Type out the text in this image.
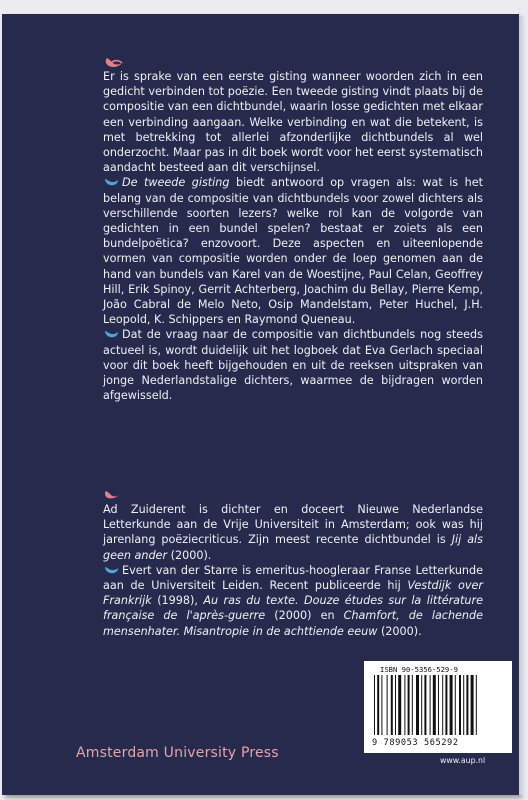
Er is sprake van een eerste gisting wanneer woorden zich in een gedicht verbinden tot poëzie. Een tweede gisting vindt plaats bij de compositie van een dichtbundel, waarin losse gedichten met elkaar een verbinding aangaan. Welke verbinding en wat die betekent, is met betrekking tot allerlei afzonderlijke dichtbundels al wel onderzocht. Maar pas in dit boek wordt voor het eerst systematisch aandacht besteed aan dit verschijnsel.

De tweede gisting biedt antwoord op vragen als: wat is het belang van de compositie van dichtbundels voor zowel dichters als verschillende soorten lezers? welke rol kan de volgorde van gedichten in een bundel spelen? bestaat er zoiets als een bundelpoëtica? enzovoort. Deze aspecten en uiteenlopende vormen van compositie worden onder de loep genomen aan de hand van bundels van Karel van de Woestijne, Paul Celan, Geoffrey Hill, Erik Spinoy, Gerrit Achterberg, Joachim du Bellay, Pierre Kemp, João Cabral de Melo Neto, Osip Mandelstam, Peter Huchel, J.H. Leopold, K. Schippers en Raymond Queneau.

Dat de vraag naar de compositie van dichtbundels nog steeds actueel is, wordt duidelijk uit het logboek dat Eva Gerlach speciaal voor dit boek heeft bijgehouden en uit de reeksen uitspraken van jonge Nederlandstalige dichters, waarmee de bijdragen worden afgewisseld.

Ad Zuiderent is dichter en doceert Nieuwe Nederlandse Letterkunde aan de Vrije Universiteit in Amsterdam; ook was hij jarenlang poëziecriticus. Zijn meest recente dichtbundel is Jij als geen ander (2000).

Evert van der Starre is emeritus-hoogleraar Franse Letterkunde aan de Universiteit Leiden. Recent publiceerde hij Vestdijk over Frankrijk (1998), Au ras du texte. Douze études sur la littérature française de l'après-guerre (2000) en Chamfort, de lachende mensenhater. Misantropie in de achttiende eeuw (2000).

Amsterdam University Press
ISBN 90-5356-529-9
9 789053 565292
www.aup.nl
